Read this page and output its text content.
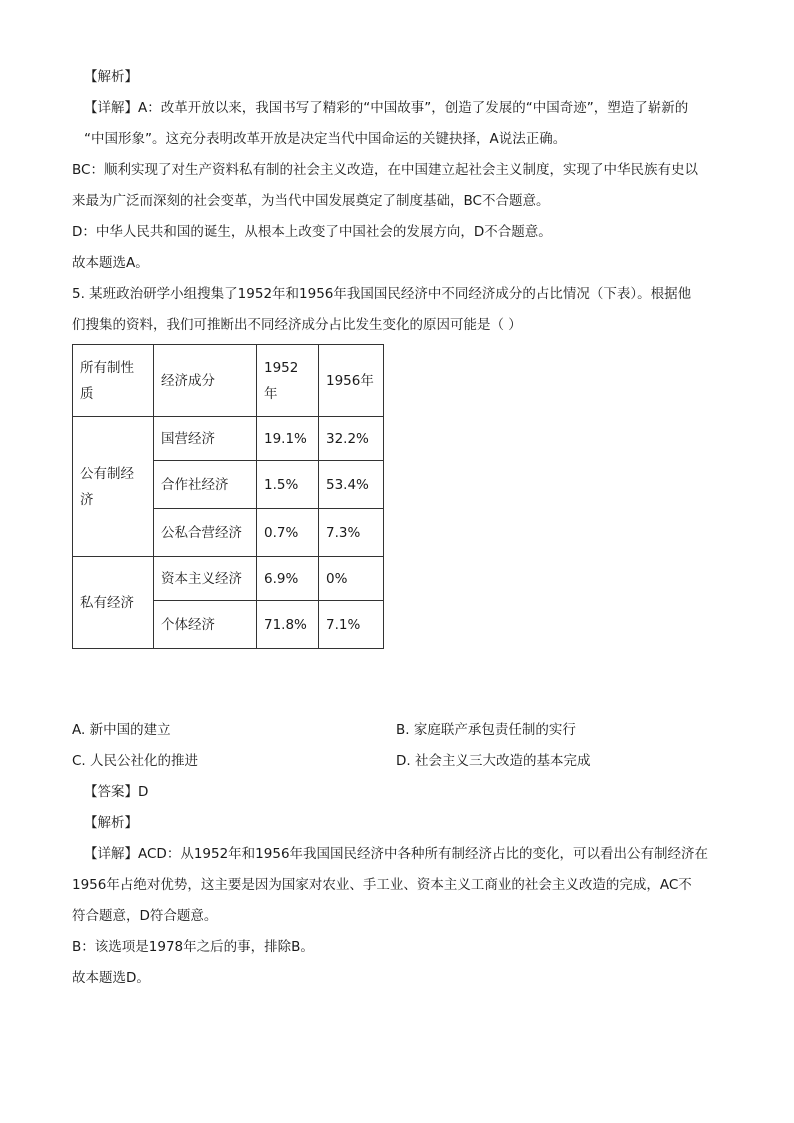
【解析】
【详解】A：改革开放以来，我国书写了精彩的“中国故事”，创造了发展的“中国奇迹”，塑造了崭新的
“中国形象”。这充分表明改革开放是决定当代中国命运的关键抉择，A说法正确。
BC：顺利实现了对生产资料私有制的社会主义改造，在中国建立起社会主义制度，实现了中华民族有史以
来最为广泛而深刻的社会变革，为当代中国发展奠定了制度基础，BC不合题意。
D：中华人民共和国的诞生，从根本上改变了中国社会的发展方向，D不合题意。
故本题选A。
5. 某班政治研学小组搜集了1952年和1956年我国国民经济中不同经济成分的占比情况（下表）。根据他
们搜集的资料，我们可推断出不同经济成分占比发生变化的原因可能是（ ）
所有制性质	经济成分	1952年	1956年
公有制经济	国营经济	19.1%	32.2%
	合作社经济	1.5%	53.4%
	公私合营经济	0.7%	7.3%
私有经济	资本主义经济	6.9%	0%
	个体经济	71.8%	7.1%
A. 新中国的建立	B. 家庭联产承包责任制的实行
C. 人民公社化的推进	D. 社会主义三大改造的基本完成
【答案】D
【解析】
【详解】ACD：从1952年和1956年我国国民经济中各种所有制经济占比的变化，可以看出公有制经济在
1956年占绝对优势，这主要是因为国家对农业、手工业、资本主义工商业的社会主义改造的完成，AC不
符合题意，D符合题意。
B：该选项是1978年之后的事，排除B。
故本题选D。
